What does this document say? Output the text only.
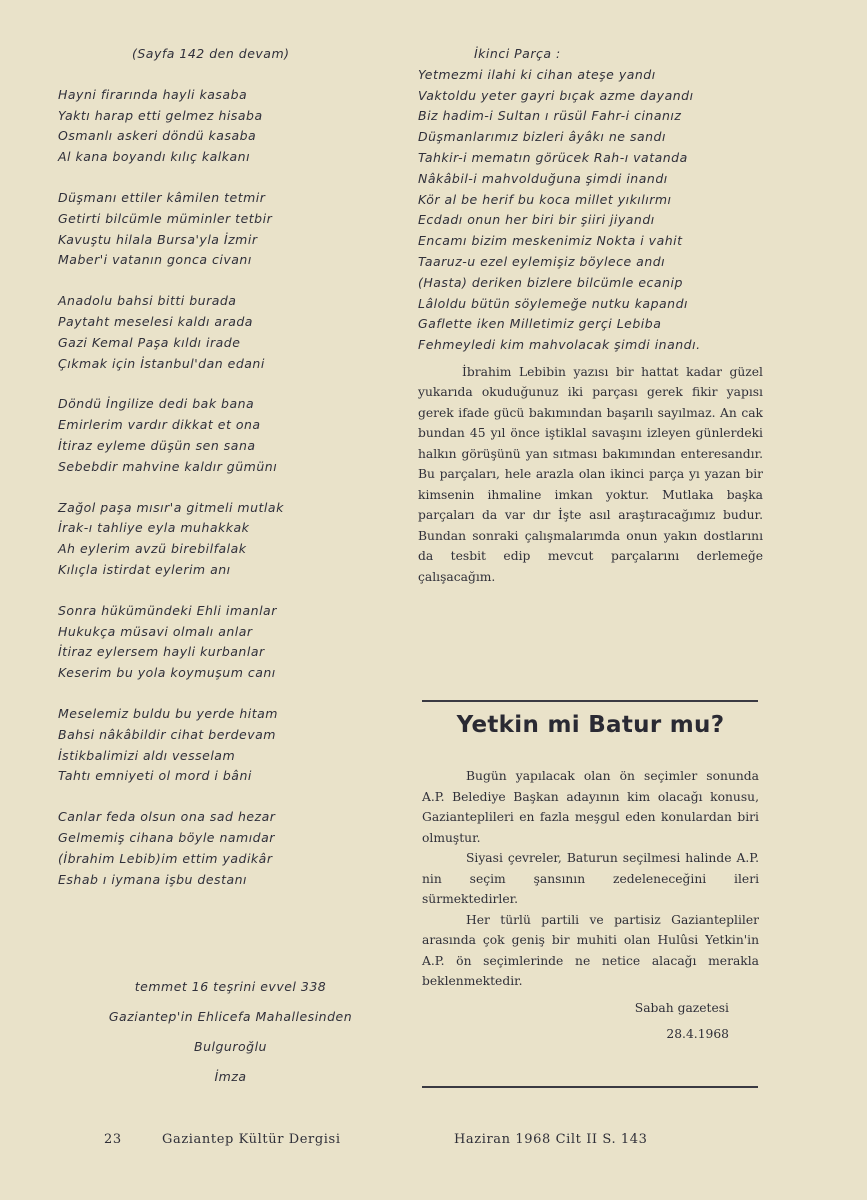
(Sayfa 142 den devam)
Hayni firarında hayli kasaba
Yaktı harap etti gelmez hisaba
Osmanlı askeri döndü kasaba
Al kana boyandı kılıç kalkanı
Düşmanı ettiler kâmilen tetmir
Getirti bilcümle müminler tetbir
Kavuştu hilala Bursa'yla İzmir
Maber'i vatanın gonca civanı
Anadolu bahsi bitti burada
Paytaht meselesi kaldı arada
Gazi Kemal Paşa kıldı irade
Çıkmak için İstanbul'dan edani
Döndü İngilize dedi bak bana
Emirlerim vardır dikkat et ona
İtiraz eyleme düşün sen sana
Sebebdir mahvine kaldır gümünı
Zağol paşa mısır'a gitmeli mutlak
İrak-ı tahliye eyla muhakkak
Ah eylerim avzü birebilfalak
Kılıçla istirdat eylerim anı
Sonra hükümündeki Ehli imanlar
Hukukça müsavi olmalı anlar
İtiraz eylersem hayli kurbanlar
Keserim bu yola koymuşum canı
Meselemiz buldu bu yerde hitam
Bahsi nâkâbildir cihat berdevam
İstikbalimizi aldı vesselam
Tahtı emniyeti ol mord i bâni
Canlar feda olsun ona sad hezar
Gelmemiş cihana böyle namıdar
(İbrahim Lebib)im ettim yadikâr
Eshab ı iymana işbu destanı
temmet 16 teşrini evvel 338
Gaziantep'in Ehlicefa Mahallesinden
Bulguroğlu
İmza
İkinci Parça :
Yetmezmi ilahi ki cihan ateşe yandı
Vaktoldu yeter gayri bıçak azme dayandı
Biz hadim-i Sultan ı rüsül Fahr-i cinanız
Düşmanlarımız bizleri âyâkı ne sandı
Tahkir-i mematın görücek Rah-ı vatanda
Nâkâbil-i mahvolduğuna şimdi inandı
Kör al be herif bu koca millet yıkılırmı
Ecdadı onun her biri bir şiiri jiyandı
Encamı bizim meskenimiz Nokta i vahit
Taaruz-u ezel eylemişiz böylece andı
(Hasta) deriken bizlere bilcümle ecanip
Lâloldu bütün söylemeğe nutku kapandı
Gaflette iken Milletimiz gerçi Lebiba
Fehmeyledi kim mahvolacak şimdi inandı.

İbrahim Lebibin yazısı bir hattat kadar güzel yukarıda okuduğunuz iki parçası gerek fikir yapısı gerek ifade gücü bakımından başarılı sayılmaz. An cak bundan 45 yıl önce iştiklal savaşını izleyen günlerdeki halkın görüşünü yan sıtması bakımından enteresandır. Bu parçaları, hele arazla olan ikinci parça yı yazan bir kimsenin ihmaline imkan yoktur. Mutlaka başka parçaları da var dır İşte asıl araştıracağımız budur. Bundan sonraki çalışmalarımda onun yakın dostlarını da tesbit edip mevcut parçalarını derlemeğe çalışacağım.

Yetkin mi Batur mu?

Bugün yapılacak olan ön seçimler sonunda A.P. Belediye Başkan adayının kim olacağı konusu, Gazianteplileri en fazla meşgul eden konulardan biri olmuştur.

Siyasi çevreler, Baturun seçilmesi halinde A.P. nin seçim şansının zedeleneceğini ileri sürmektedirler.

Her türlü partili ve partisiz Gaziantepliler arasında çok geniş bir muhiti olan Hulûsi Yetkin'in A.P. ön seçimlerinde ne netice alacağı merakla beklenmektedir.

Sabah gazetesi
28.4.1968
23	Gaziantep Kültür Dergisi	Haziran 1968 Cilt II S. 143
